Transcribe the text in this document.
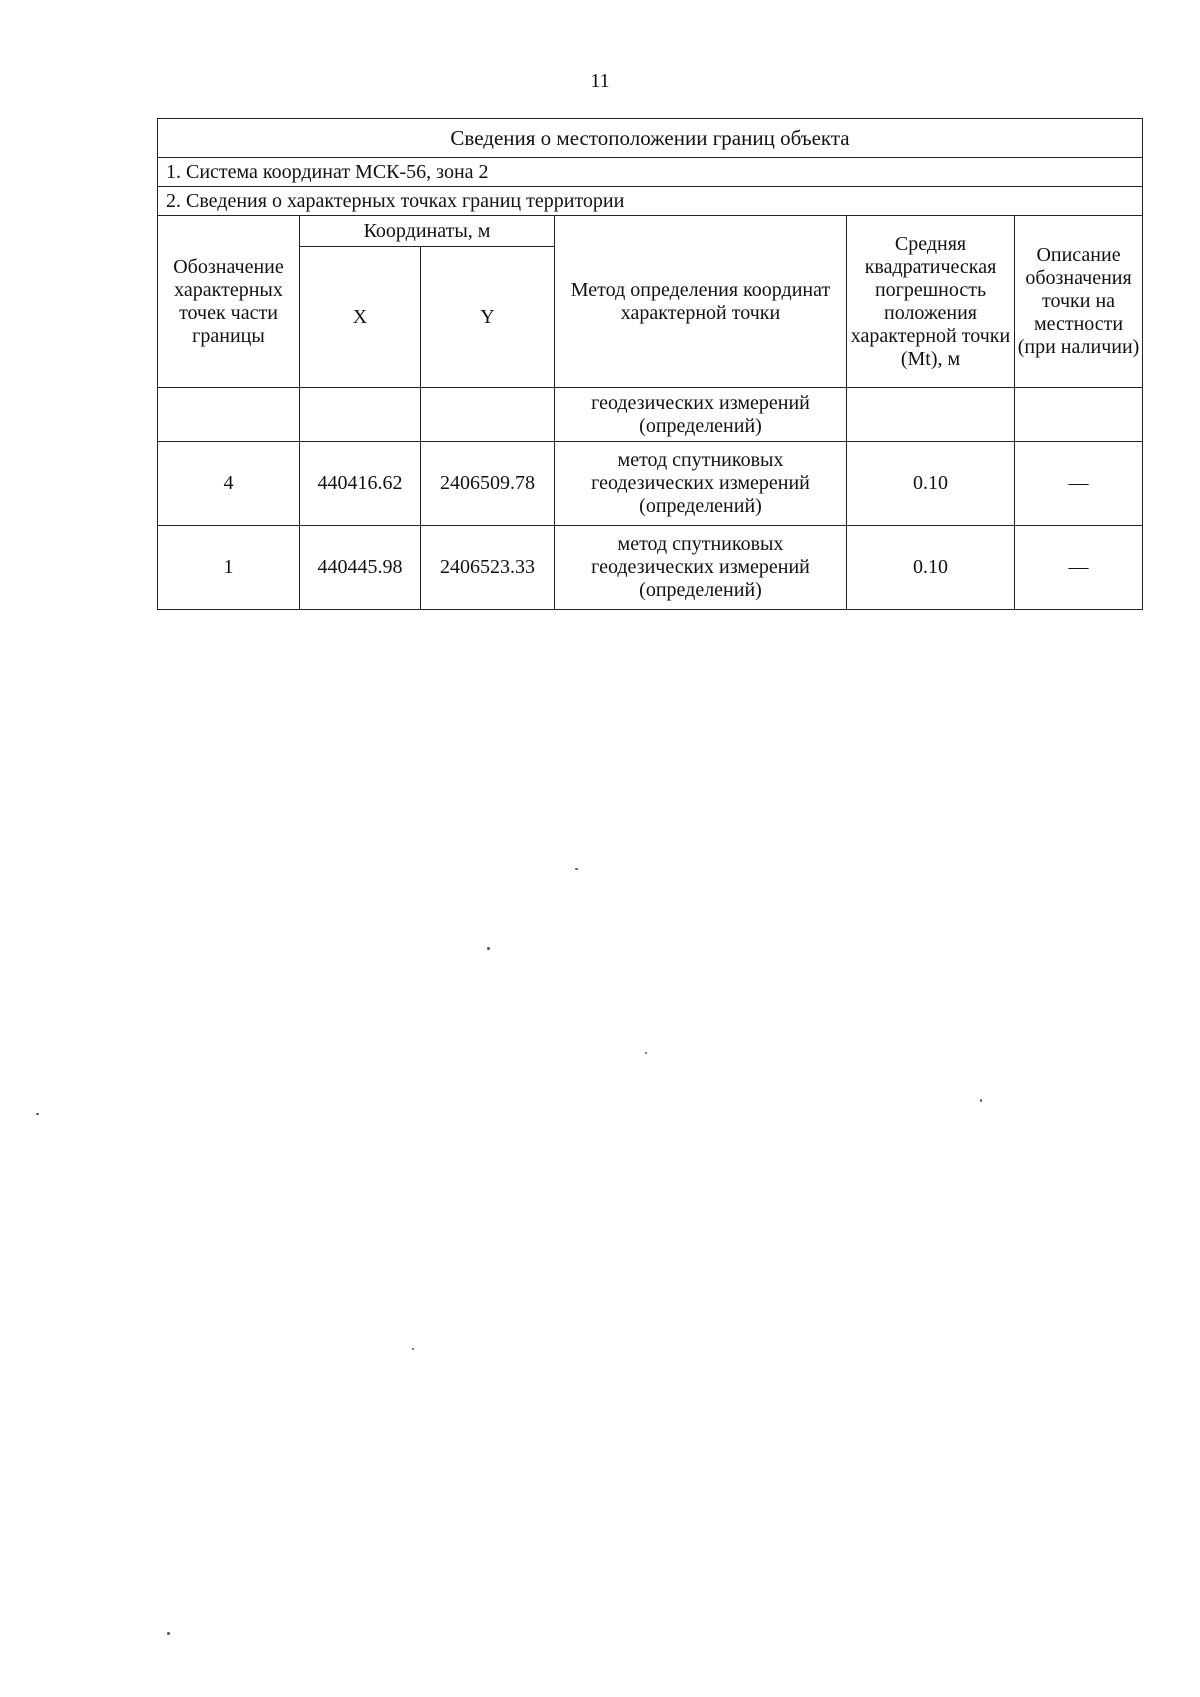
11
Сведения о местоположении границ объекта					
1. Система координат МСК-56, зона 2					
2. Сведения о характерных точках границ территории					
Обозначение характерных точек части границы	Координаты, м		Метод определения координат характерной точки	Средняя квадратическая погрешность положения характерной точки (Mt), м	Описание обозначения точки на местности (при наличии)
	X	Y			
			геодезических измерений (определений)		
4	440416.62	2406509.78	метод спутниковых геодезических измерений (определений)	0.10	—
1	440445.98	2406523.33	метод спутниковых геодезических измерений (определений)	0.10	—
